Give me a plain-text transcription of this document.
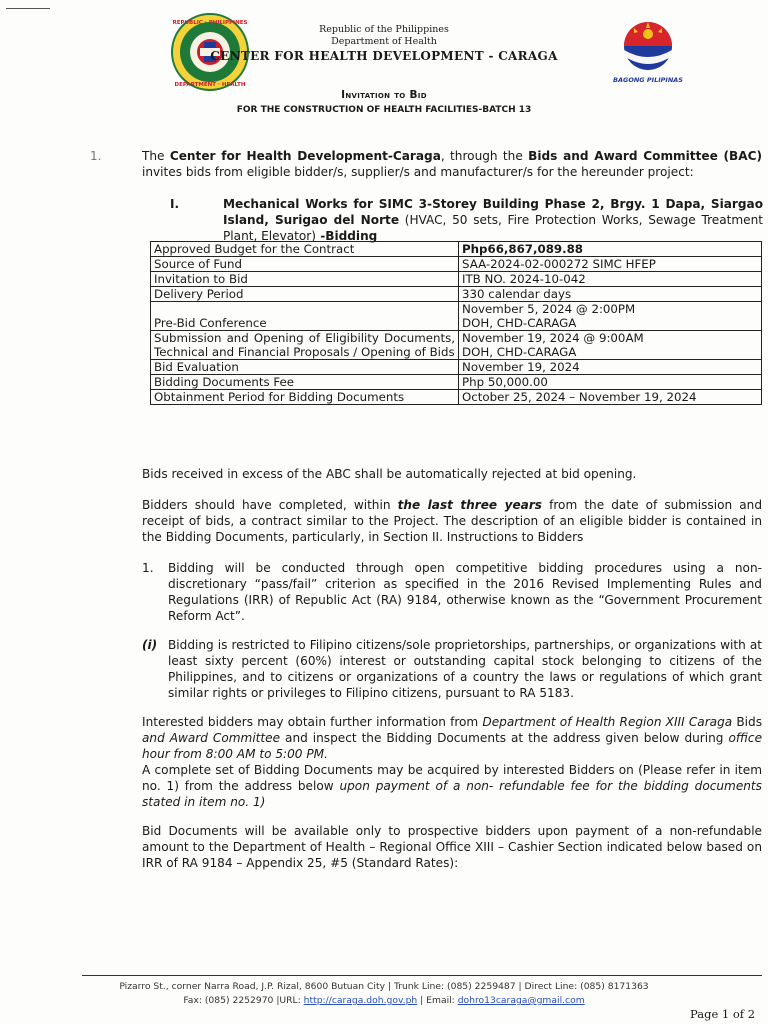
REPUBLIC · PHILIPPINES
DEPARTMENT · HEALTH
Republic of the Philippines
Department of Health
CENTER FOR HEALTH DEVELOPMENT - CARAGA
BAGONG PILIPINAS
Invitation to Bid
FOR THE CONSTRUCTION OF HEALTH FACILITIES-BATCH 13
1.	The Center for Health Development-Caraga, through the Bids and Award Committee (BAC) invites bids from eligible bidder/s, supplier/s and manufacturer/s for the hereunder project:
I.	Mechanical Works for SIMC 3-Storey Building Phase 2, Brgy. 1 Dapa, Siargao Island, Surigao del Norte (HVAC, 50 sets, Fire Protection Works, Sewage Treatment Plant, Elevator) -Bidding
Approved Budget for the Contract	Php66,867,089.88
Source of Fund	SAA-2024-02-000272 SIMC HFEP
Invitation to Bid	ITB NO. 2024-10-042
Delivery Period	330 calendar days
Pre-Bid Conference	November 5, 2024 @ 2:00PM
DOH, CHD-CARAGA

Submission and Opening of Eligibility Documents, Technical and Financial Proposals / Opening of Bids	November 19, 2024 @ 9:00AM
DOH, CHD-CARAGA

Bid Evaluation	November 19, 2024
Bidding Documents Fee	Php 50,000.00
Obtainment Period for Bidding Documents	October 25, 2024 – November 19, 2024
Bids received in excess of the ABC shall be automatically rejected at bid opening.
Bidders should have completed, within the last three years from the date of submission and receipt of bids, a contract similar to the Project. The description of an eligible bidder is contained in the Bidding Documents, particularly, in Section II. Instructions to Bidders
1. Bidding will be conducted through open competitive bidding procedures using a non-discretionary “pass/fail” criterion as specified in the 2016 Revised Implementing Rules and Regulations (IRR) of Republic Act (RA) 9184, otherwise known as the “Government Procurement Reform Act”.
(i) Bidding is restricted to Filipino citizens/sole proprietorships, partnerships, or organizations with at least sixty percent (60%) interest or outstanding capital stock belonging to citizens of the Philippines, and to citizens or organizations of a country the laws or regulations of which grant similar rights or privileges to Filipino citizens, pursuant to RA 5183.
Interested bidders may obtain further information from Department of Health Region XIII Caraga Bids and Award Committee and inspect the Bidding Documents at the address given below during office hour from 8:00 AM to 5:00 PM.
A complete set of Bidding Documents may be acquired by interested Bidders on (Please refer in item no. 1) from the address below upon payment of a non- refundable fee for the bidding documents stated in item no. 1)
Bid Documents will be available only to prospective bidders upon payment of a non-refundable amount to the Department of Health – Regional Office XIII – Cashier Section indicated below based on IRR of RA 9184 – Appendix 25, #5 (Standard Rates):
Pizarro St., corner Narra Road, J.P. Rizal, 8600 Butuan City | Trunk Line: (085) 2259487 | Direct Line: (085) 8171363
Fax: (085) 2252970 |URL: http://caraga.doh.gov.ph | Email: dohro13caraga@gmail.com
Page 1 of 2
